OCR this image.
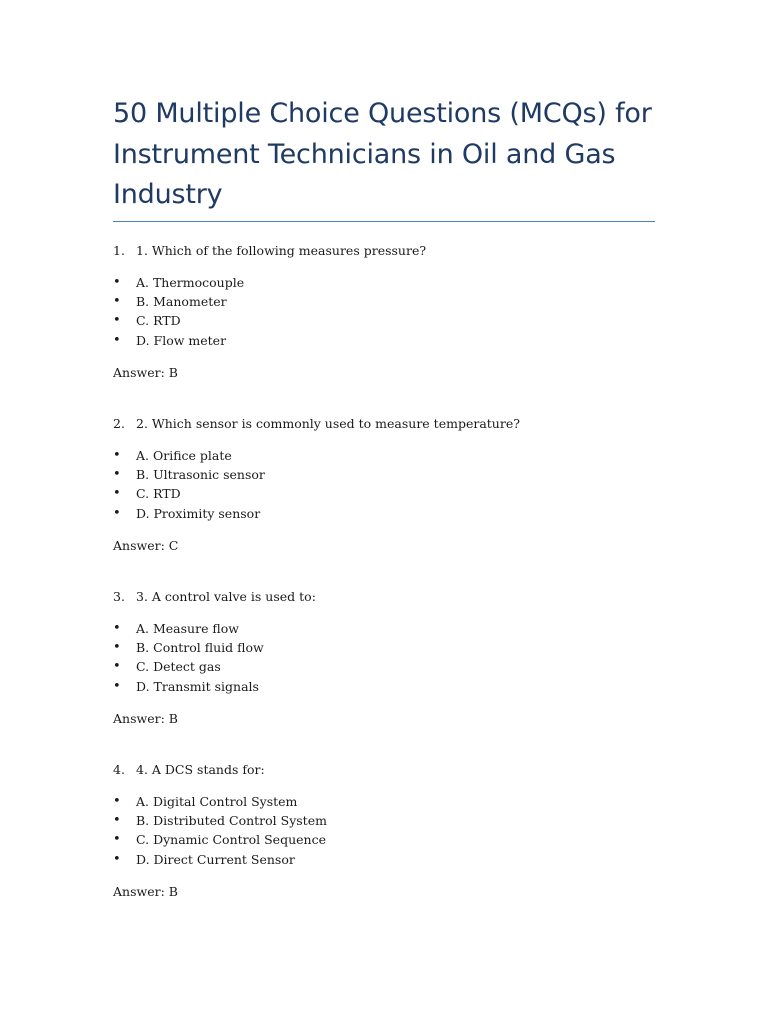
50 Multiple Choice Questions (MCQs) for Instrument Technicians in Oil and Gas Industry

1. 1. Which of the following measures pressure?

• A. Thermocouple
• B. Manometer
• C. RTD
• D. Flow meter

Answer: B

2. 2. Which sensor is commonly used to measure temperature?

• A. Orifice plate
• B. Ultrasonic sensor
• C. RTD
• D. Proximity sensor

Answer: C

3. 3. A control valve is used to:

• A. Measure flow
• B. Control fluid flow
• C. Detect gas
• D. Transmit signals

Answer: B

4. 4. A DCS stands for:

• A. Digital Control System
• B. Distributed Control System
• C. Dynamic Control Sequence
• D. Direct Current Sensor

Answer: B
